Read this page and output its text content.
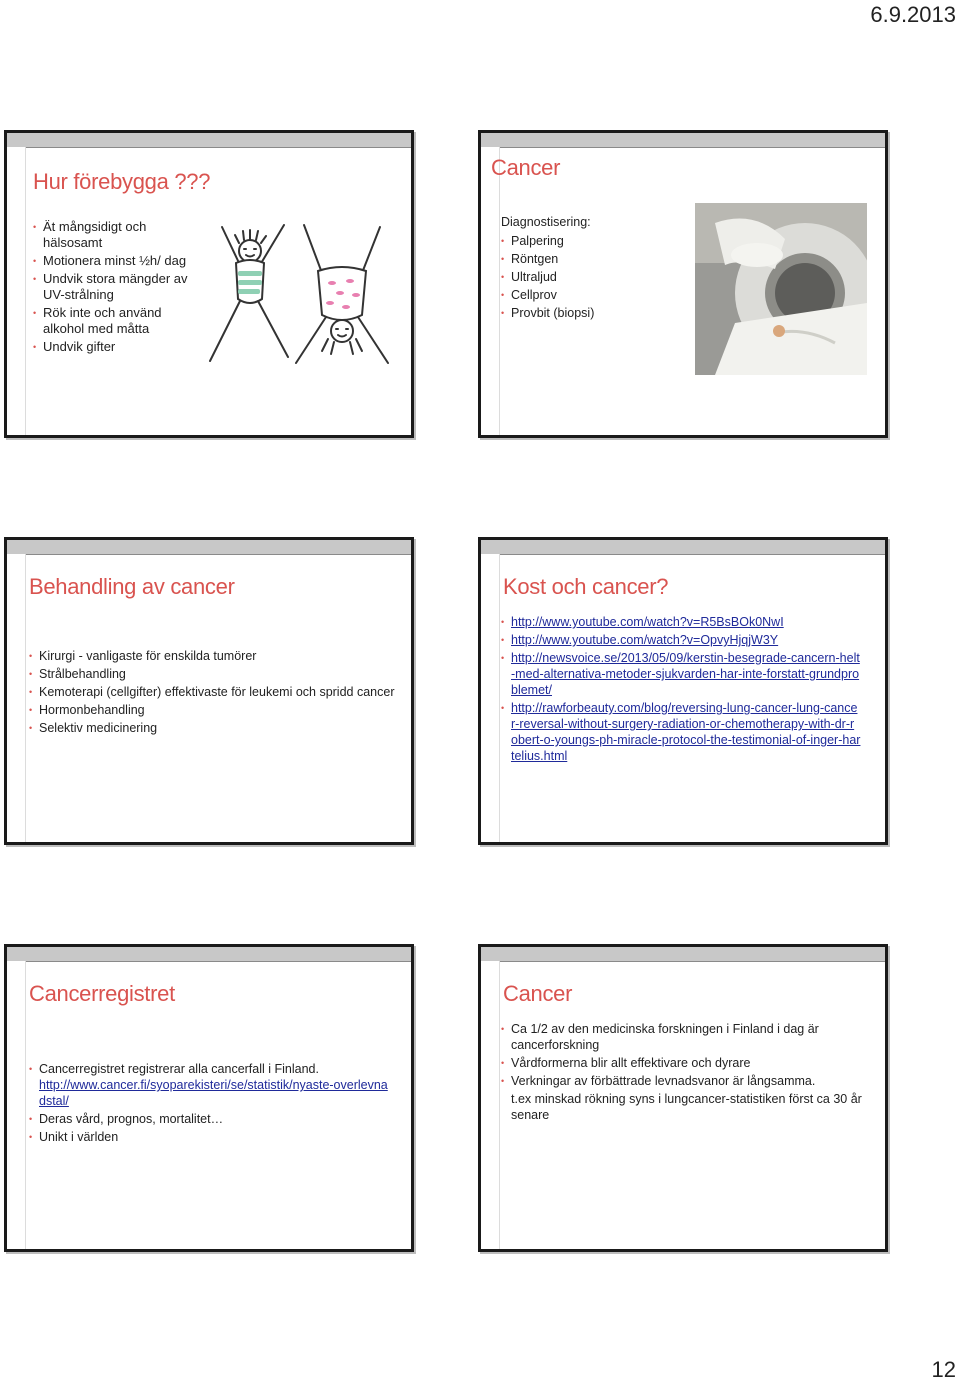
6.9.2013
Hur förebygga ???
• Ät mångsidigt och hälsosamt
• Motionera minst ½h/ dag
• Undvik stora mängder av UV-strålning
• Rök inte och använd alkohol med måtta
• Undvik gifter
Cancer
Diagnostisering:
• Palpering
• Röntgen
• Ultraljud
• Cellprov
• Provbit (biopsi)
Behandling av cancer
• Kirurgi - vanligaste för enskilda tumörer
• Strålbehandling
• Kemoterapi (cellgifter) effektivaste för leukemi och spridd cancer
• Hormonbehandling
• Selektiv medicinering
Kost och cancer?
• http://www.youtube.com/watch?v=R5BsBOk0NwI
• http://www.youtube.com/watch?v=OpvyHjqjW3Y
• http://newsvoice.se/2013/05/09/kerstin-besegrade-cancern-helt-med-alternativa-metoder-sjukvarden-har-inte-forstatt-grundproblemet/
• http://rawforbeauty.com/blog/reversing-lung-cancer-lung-cancer-reversal-without-surgery-radiation-or-chemotherapy-with-dr-robert-o-youngs-ph-miracle-protocol-the-testimonial-of-inger-hartelius.html
Cancerregistret
• Cancerregistret registrerar alla cancerfall i Finland.
http://www.cancer.fi/syoparekisteri/se/statistik/nyaste-overlevnadstal/
• Deras vård, prognos, mortalitet…
• Unikt i världen
Cancer
• Ca 1/2 av den medicinska forskningen i Finland i dag är cancerforskning
• Vårdformerna blir allt effektivare och dyrare
• Verkningar av förbättrade levnadsvanor är långsamma.
t.ex minskad rökning syns i lungcancer-statistiken först ca 30 år senare
12
